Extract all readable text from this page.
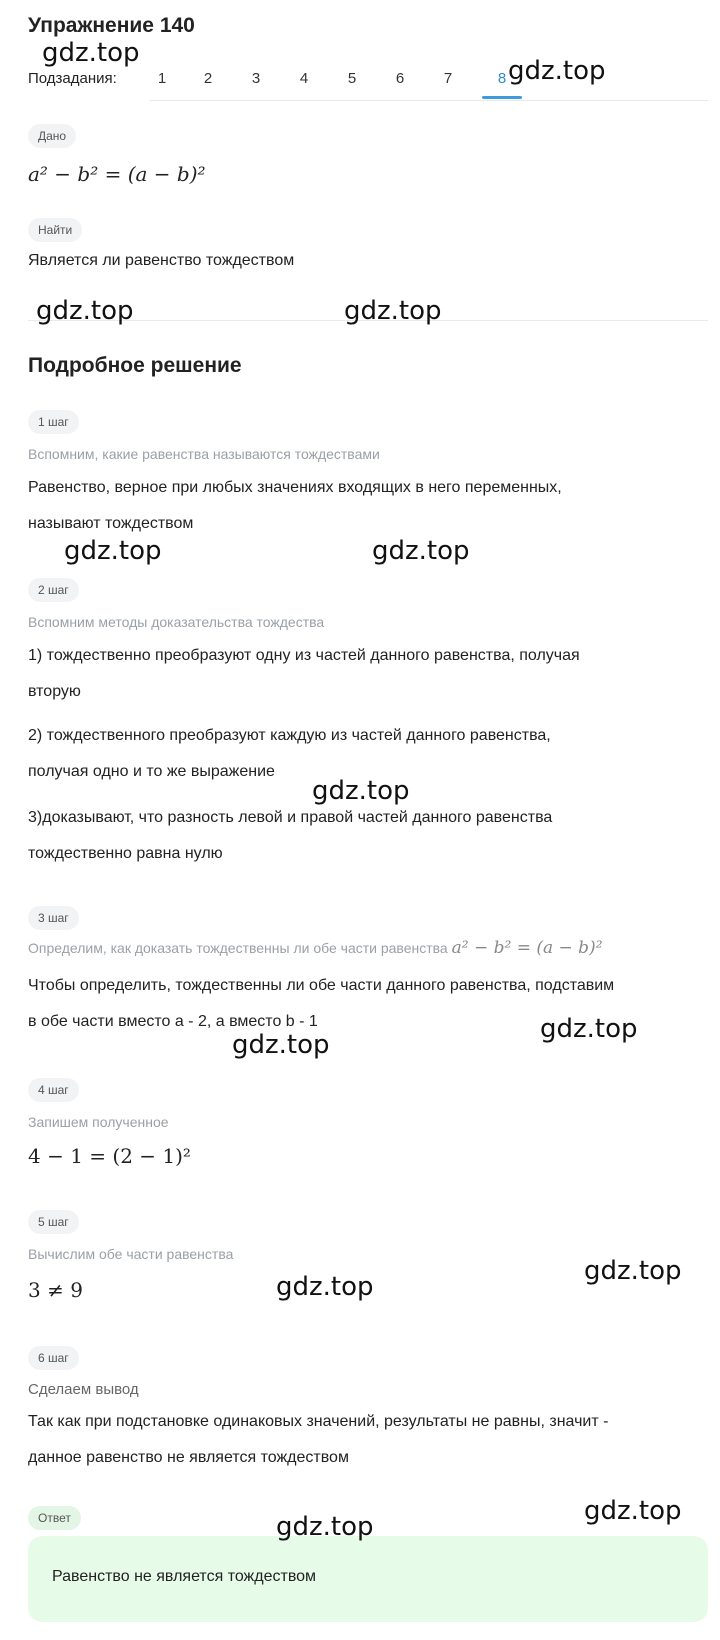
Упражнение 140
Подзадания:	1	2	3	4	5	6	7	8
Дано
a² − b² = (a − b)²
Найти
Является ли равенство тождеством
Подробное решение
1 шаг
Вспомним, какие равенства называются тождествами
Равенство, верное при любых значениях входящих в него переменных,
называют тождеством
2 шаг
Вспомним методы доказательства тождества
1) тождественно преобразуют одну из частей данного равенства, получая
вторую
2) тождественного преобразуют каждую из частей данного равенства,
получая одно и то же выражение
3)доказывают, что разность левой и правой частей данного равенства
тождественно равна нулю
3 шаг
Определим, как доказать тождественны ли обе части равенства a² − b² = (a − b)²
Чтобы определить, тождественны ли обе части данного равенства, подставим
в обе части вместо a - 2, а вместо b - 1
4 шаг
Запишем полученное
4 − 1 = (2 − 1)²
5 шаг
Вычислим обе части равенства
3 ≠ 9
6 шаг
Сделаем вывод
Так как при подстановке одинаковых значений, результаты не равны, значит -
данное равенство не является тождеством
Ответ
Равенство не является тождеством
gdz.top
gdz.top
gdz.top	gdz.top
gdz.top	gdz.top
gdz.top
gdz.top
gdz.top
gdz.top
gdz.top
gdz.top
gdz.top
